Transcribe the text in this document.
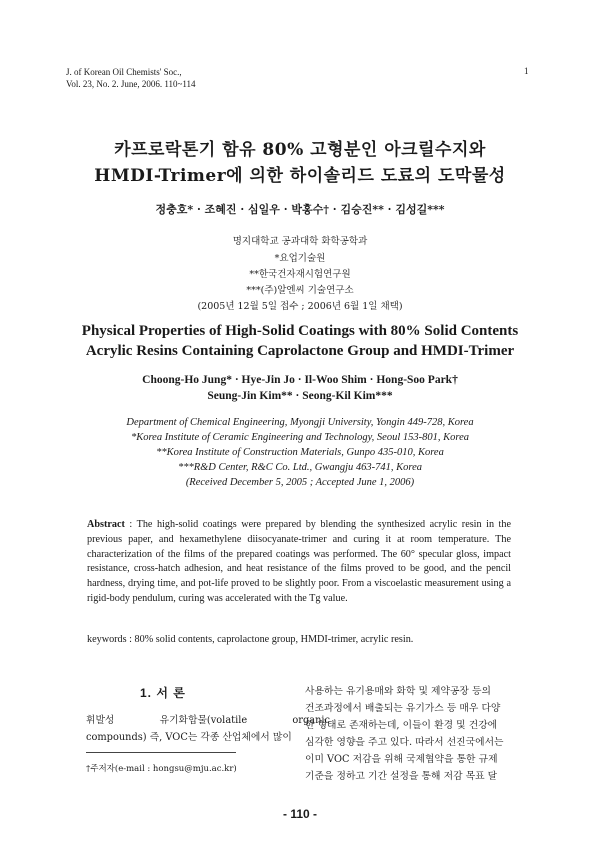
J. of Korean Oil Chemists' Soc.,
Vol. 23, No. 2. June, 2006. 110~114
1
카프로락톤기 함유 80% 고형분인 아크릴수지와
HMDI-Trimer에 의한 하이솔리드 도료의 도막물성
정충호* · 조혜진 · 심일우 · 박홍수† · 김승진** · 김성길***
명지대학교 공과대학 화학공학과
*요업기술원
**한국건자재시험연구원
***(주)알엔씨 기술연구소
(2005년 12월 5일 접수 ; 2006년 6월 1일 채택)
Physical Properties of High-Solid Coatings with 80% Solid Contents
Acrylic Resins Containing Caprolactone Group and HMDI-Trimer
Choong-Ho Jung* · Hye-Jin Jo · Il-Woo Shim · Hong-Soo Park†
Seung-Jin Kim** · Seong-Kil Kim***
Department of Chemical Engineering, Myongji University, Yongin 449-728, Korea
*Korea Institute of Ceramic Engineering and Technology, Seoul 153-801, Korea
**Korea Institute of Construction Materials, Gunpo 435-010, Korea
***R&D Center, R&C Co. Ltd., Gwangju 463-741, Korea
(Received December 5, 2005 ; Accepted June 1, 2006)
Abstract : The high-solid coatings were prepared by blending the synthesized acrylic resin in the previous paper, and hexamethylene diisocyanate-trimer and curing it at room temperature. The characterization of the films of the prepared coatings was performed. The 60° specular gloss, impact resistance, cross-hatch adhesion, and heat resistance of the films proved to be good, and the pencil hardness, drying time, and pot-life proved to be slightly poor. From a viscoelastic measurement using a rigid-body pendulum, curing was accelerated with the Tg value.
keywords : 80% solid contents, caprolactone group, HMDI-trimer, acrylic resin.
1. 서 론

휘발성 유기화합물(volatile organic

compounds) 즉, VOC는 각종 산업체에서 많이

†주저자(e-mail : hongsu@mju.ac.kr)

사용하는 유기용매와 화학 및 제약공장 등의

건조과정에서 배출되는 유기가스 등 매우 다양

한 형태로 존재하는데, 이들이 환경 및 건강에

심각한 영향을 주고 있다. 따라서 선진국에서는

이미 VOC 저감을 위해 국제협약을 통한 규제

기준을 정하고 기간 설정을 통해 저감 목표 달

- 110 -
